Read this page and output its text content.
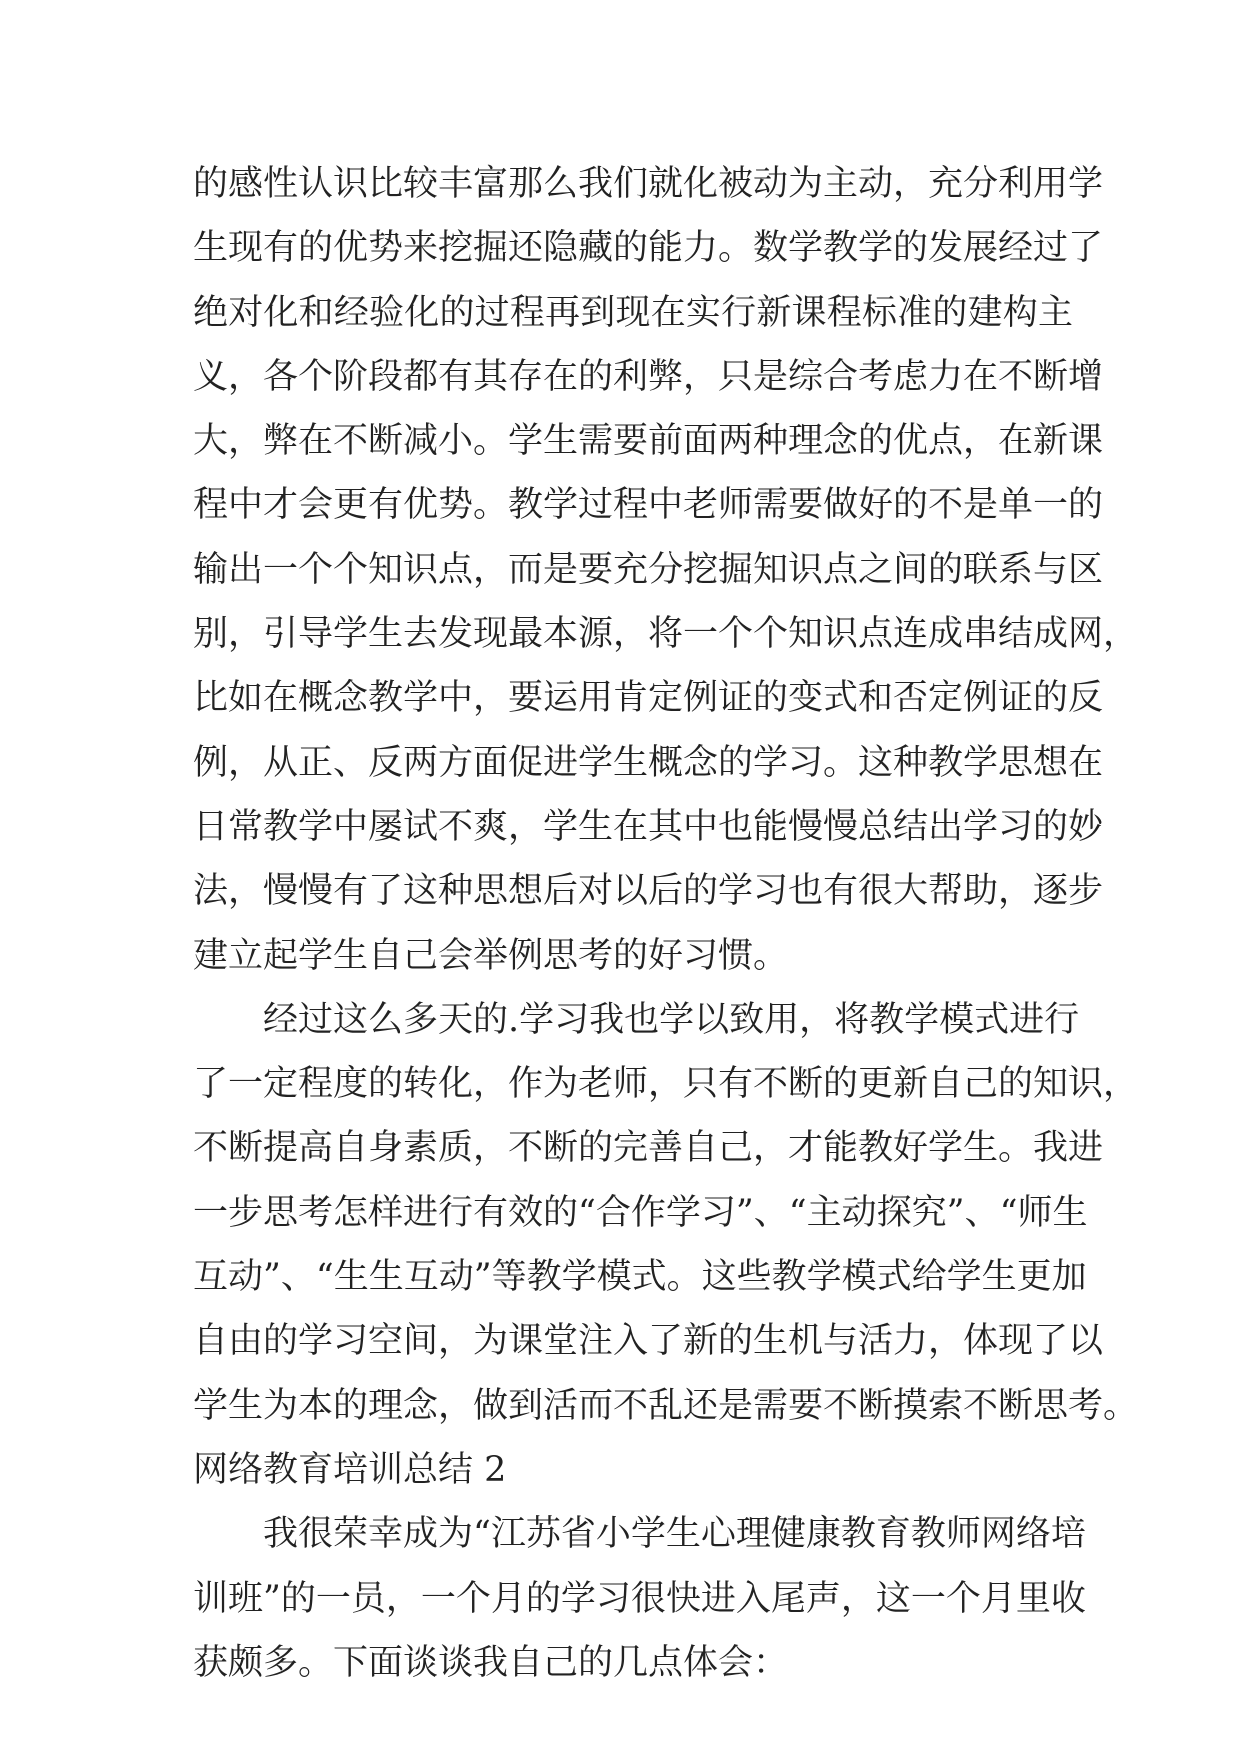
的感性认识比较丰富那么我们就化被动为主动，充分利用学
生现有的优势来挖掘还隐藏的能力。数学教学的发展经过了
绝对化和经验化的过程再到现在实行新课程标准的建构主
义，各个阶段都有其存在的利弊，只是综合考虑力在不断增
大，弊在不断减小。学生需要前面两种理念的优点，在新课
程中才会更有优势。教学过程中老师需要做好的不是单一的
输出一个个知识点，而是要充分挖掘知识点之间的联系与区
别，引导学生去发现最本源，将一个个知识点连成串结成网，
比如在概念教学中，要运用肯定例证的变式和否定例证的反
例，从正、反两方面促进学生概念的学习。这种教学思想在
日常教学中屡试不爽，学生在其中也能慢慢总结出学习的妙
法，慢慢有了这种思想后对以后的学习也有很大帮助，逐步
建立起学生自己会举例思考的好习惯。
经过这么多天的.学习我也学以致用，将教学模式进行
了一定程度的转化，作为老师，只有不断的更新自己的知识，
不断提高自身素质，不断的完善自己，才能教好学生。我进
一步思考怎样进行有效的“合作学习”、“主动探究”、“师生
互动”、“生生互动”等教学模式。这些教学模式给学生更加
自由的学习空间，为课堂注入了新的生机与活力，体现了以
学生为本的理念，做到活而不乱还是需要不断摸索不断思考。
网络教育培训总结 2
我很荣幸成为“江苏省小学生心理健康教育教师网络培
训班”的一员，一个月的学习很快进入尾声，这一个月里收
获颇多。下面谈谈我自己的几点体会：
